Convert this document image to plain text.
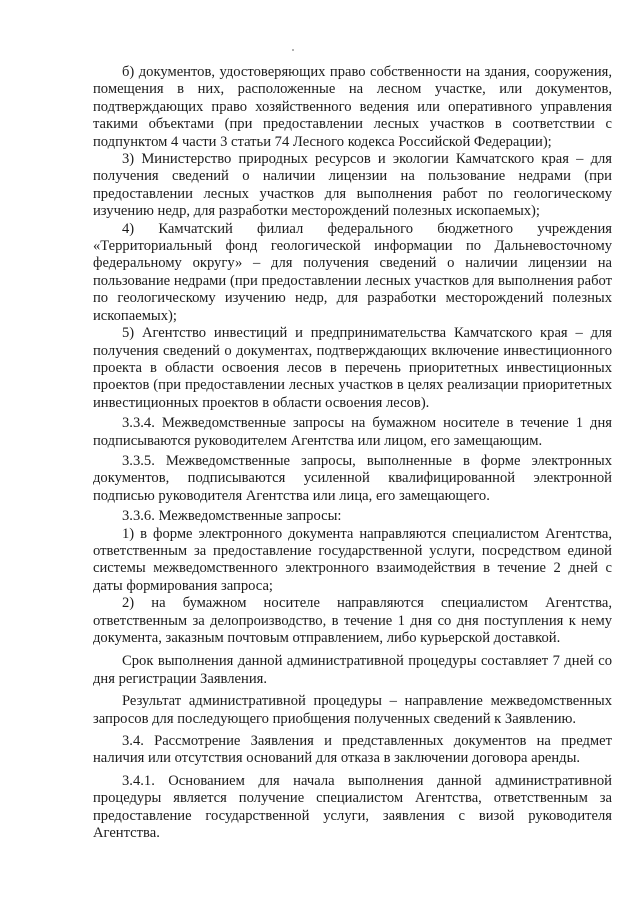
б) документов, удостоверяющих право собственности на здания, сооружения, помещения в них, расположенные на лесном участке, или документов, подтверждающих право хозяйственного ведения или оперативного управления такими объектами (при предоставлении лесных участков в соответствии с подпунктом 4 части 3 статьи 74 Лесного кодекса Российской Федерации);

3) Министерство природных ресурсов и экологии Камчатского края – для получения сведений о наличии лицензии на пользование недрами (при предоставлении лесных участков для выполнения работ по геологическому изучению недр, для разработки месторождений полезных ископаемых);

4) Камчатский филиал федерального бюджетного учреждения «Территориальный фонд геологической информации по Дальневосточному федеральному округу» – для получения сведений о наличии лицензии на пользование недрами (при предоставлении лесных участков для выполнения работ по геологическому изучению недр, для разработки месторождений полезных ископаемых);

5) Агентство инвестиций и предпринимательства Камчатского края – для получения сведений о документах, подтверждающих включение инвестиционного проекта в области освоения лесов в перечень приоритетных инвестиционных проектов (при предоставлении лесных участков в целях реализации приоритетных инвестиционных проектов в области освоения лесов).

3.3.4. Межведомственные запросы на бумажном носителе в течение 1 дня подписываются руководителем Агентства или лицом, его замещающим.

3.3.5. Межведомственные запросы, выполненные в форме электронных документов, подписываются усиленной квалифицированной электронной подписью руководителя Агентства или лица, его замещающего.

3.3.6. Межведомственные запросы:

1) в форме электронного документа направляются специалистом Агентства, ответственным за предоставление государственной услуги, посредством единой системы межведомственного электронного взаимодействия в течение 2 дней с даты формирования запроса;

2) на бумажном носителе направляются специалистом Агентства, ответственным за делопроизводство, в течение 1 дня со дня поступления к нему документа, заказным почтовым отправлением, либо курьерской доставкой.

Срок выполнения данной административной процедуры составляет 7 дней со дня регистрации Заявления.

Результат административной процедуры – направление межведомственных запросов для последующего приобщения полученных сведений к Заявлению.

3.4. Рассмотрение Заявления и представленных документов на предмет наличия или отсутствия оснований для отказа в заключении договора аренды.

3.4.1. Основанием для начала выполнения данной административной процедуры является получение специалистом Агентства, ответственным за предоставление государственной услуги, заявления с визой руководителя Агентства.
